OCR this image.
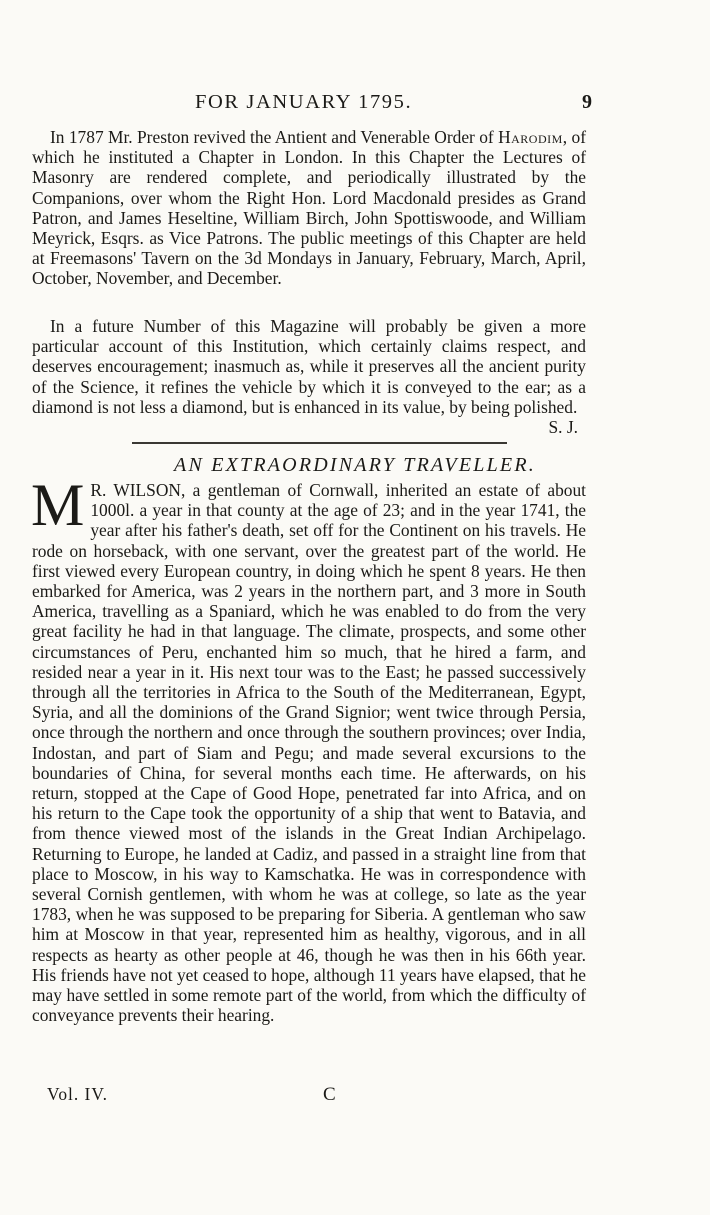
FOR JANUARY 1795.	9

In 1787 Mr. Preston revived the Antient and Venerable Order of Harodim, of which he instituted a Chapter in London. In this Chapter the Lectures of Masonry are rendered complete, and periodically illustrated by the Companions, over whom the Right Hon. Lord Macdonald presides as Grand Patron, and James Heseltine, William Birch, John Spottiswoode, and William Meyrick, Esqrs. as Vice Patrons. The public meetings of this Chapter are held at Freemasons' Tavern on the 3d Mondays in January, February, March, April, October, November, and December.

In a future Number of this Magazine will probably be given a more particular account of this Institution, which certainly claims respect, and deserves encouragement; inasmuch as, while it preserves all the ancient purity of the Science, it refines the vehicle by which it is conveyed to the ear; as a diamond is not less a diamond, but is enhanced in its value, by being polished.
S. J.

AN EXTRAORDINARY TRAVELLER.

M R. WILSON, a gentleman of Cornwall, inherited an estate of about 1000l. a year in that county at the age of 23; and in the year 1741, the year after his father's death, set off for the Continent on his travels. He rode on horseback, with one servant, over the greatest part of the world. He first viewed every European country, in doing which he spent 8 years. He then embarked for America, was 2 years in the northern part, and 3 more in South America, travelling as a Spaniard, which he was enabled to do from the very great facility he had in that language. The climate, prospects, and some other circumstances of Peru, enchanted him so much, that he hired a farm, and resided near a year in it. His next tour was to the East; he passed successively through all the territories in Africa to the South of the Mediterranean, Egypt, Syria, and all the dominions of the Grand Signior; went twice through Persia, once through the northern and once through the southern provinces; over India, Indostan, and part of Siam and Pegu; and made several excursions to the boundaries of China, for several months each time. He afterwards, on his return, stopped at the Cape of Good Hope, penetrated far into Africa, and on his return to the Cape took the opportunity of a ship that went to Batavia, and from thence viewed most of the islands in the Great Indian Archipelago. Returning to Europe, he landed at Cadiz, and passed in a straight line from that place to Moscow, in his way to Kamschatka. He was in correspondence with several Cornish gentlemen, with whom he was at college, so late as the year 1783, when he was supposed to be preparing for Siberia. A gentleman who saw him at Moscow in that year, represented him as healthy, vigorous, and in all respects as hearty as other people at 46, though he was then in his 66th year. His friends have not yet ceased to hope, although 11 years have elapsed, that he may have settled in some remote part of the world, from which the difficulty of conveyance prevents their hearing.

Vol. IV.	C
